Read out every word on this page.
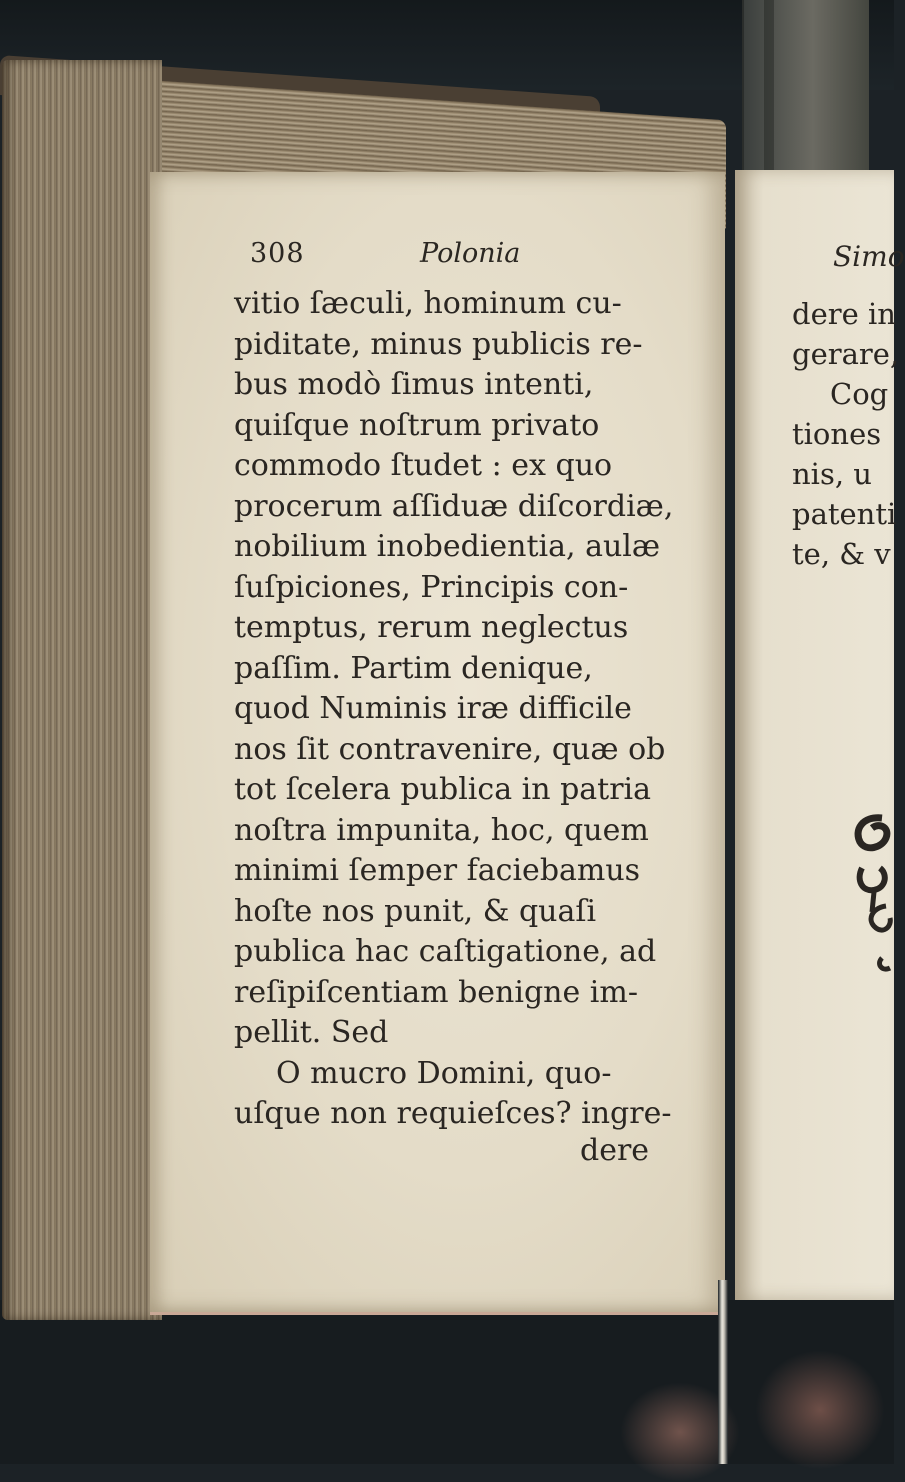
308	Polonia
vitio ſæculi, hominum cu-
piditate, minus publicis re-
bus modò ſimus intenti,
quiſque noſtrum privato
commodo ſtudet : ex quo
procerum aſſiduæ diſcordiæ,
nobilium inobedientia, aulæ
ſuſpiciones, Principis con-
temptus, rerum neglectus
paſſim. Partim denique,
quod Numinis iræ difficile
nos ſit contravenire, quæ ob
tot ſcelera publica in patria
noſtra impunita, hoc, quem
minimi ſemper faciebamus
hoſte nos punit, & quaſi
publica hac caſtigatione, ad
reſipiſcentiam benigne im-
pellit. Sed
O mucro Domini, quo-
uſque non requieſces? ingre-
dere
Simo
dere in
gerare,
Cog
tiones
nis, u
patenti
te, & v
